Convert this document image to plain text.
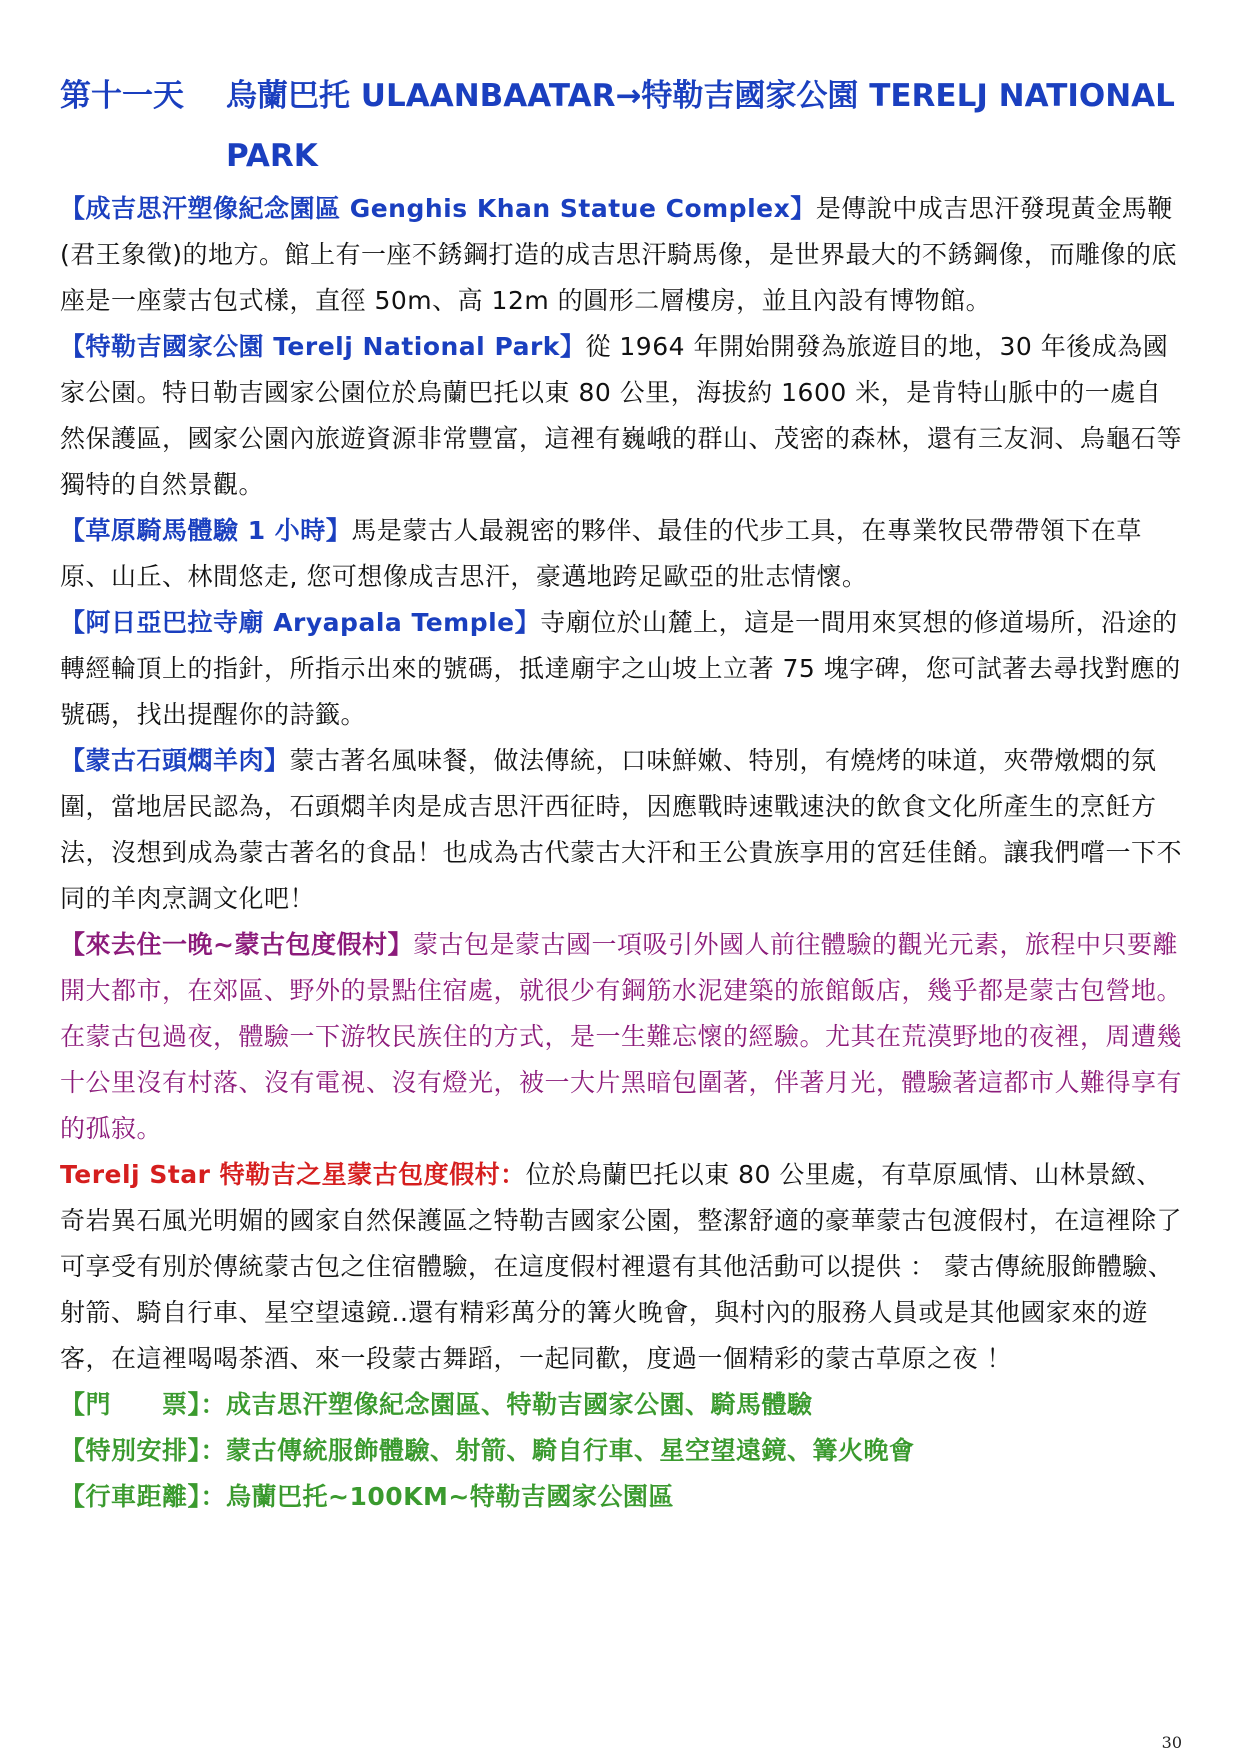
第十一天	烏蘭巴托 ULAANBAATAR→特勒吉國家公園 TERELJ NATIONAL PARK

【成吉思汗塑像紀念園區 Genghis Khan Statue Complex】是傳說中成吉思汗發現黃金馬鞭(君王象徵)的地方。館上有一座不銹鋼打造的成吉思汗騎馬像，是世界最大的不銹鋼像，而雕像的底座是一座蒙古包式樣，直徑 50m、高 12m 的圓形二層樓房，並且內設有博物館。

【特勒吉國家公園 Terelj National Park】從 1964 年開始開發為旅遊目的地，30 年後成為國家公園。特日勒吉國家公園位於烏蘭巴托以東 80 公里，海拔約 1600 米，是肯特山脈中的一處自然保護區，國家公園內旅遊資源非常豐富，這裡有巍峨的群山、茂密的森林，還有三友洞、烏龜石等獨特的自然景觀。

【草原騎馬體驗 1 小時】馬是蒙古人最親密的夥伴、最佳的代步工具，在專業牧民帶帶領下在草原、山丘、林間悠走, 您可想像成吉思汗，豪邁地跨足歐亞的壯志情懷。

【阿日亞巴拉寺廟 Aryapala Temple】寺廟位於山麓上，這是一間用來冥想的修道場所，沿途的轉經輪頂上的指針，所指示出來的號碼，抵達廟宇之山坡上立著 75 塊字碑，您可試著去尋找對應的號碼，找出提醒你的詩籤。

【蒙古石頭燜羊肉】蒙古著名風味餐，做法傳統，口味鮮嫩、特別，有燒烤的味道，夾帶燉燜的氛圍，當地居民認為，石頭燜羊肉是成吉思汗西征時，因應戰時速戰速決的飲食文化所產生的烹飪方法，沒想到成為蒙古著名的食品！也成為古代蒙古大汗和王公貴族享用的宮廷佳餚。讓我們嚐一下不同的羊肉烹調文化吧！

【來去住一晚~蒙古包度假村】蒙古包是蒙古國一項吸引外國人前往體驗的觀光元素，旅程中只要離開大都市，在郊區、野外的景點住宿處，就很少有鋼筋水泥建築的旅館飯店，幾乎都是蒙古包營地。在蒙古包過夜，體驗一下游牧民族住的方式，是一生難忘懷的經驗。尤其在荒漠野地的夜裡，周遭幾十公里沒有村落、沒有電視、沒有燈光，被一大片黑暗包圍著，伴著月光，體驗著這都市人難得享有的孤寂。

Terelj Star 特勒吉之星蒙古包度假村：位於烏蘭巴托以東 80 公里處，有草原風情、山林景緻、奇岩異石風光明媚的國家自然保護區之特勒吉國家公園，整潔舒適的豪華蒙古包渡假村，在這裡除了可享受有別於傳統蒙古包之住宿體驗，在這度假村裡還有其他活動可以提供 ： 蒙古傳統服飾體驗、射箭、騎自行車、星空望遠鏡..還有精彩萬分的篝火晚會，與村內的服務人員或是其他國家來的遊客，在這裡喝喝茶酒、來一段蒙古舞蹈，一起同歡，度過一個精彩的蒙古草原之夜 ！

【門　　票】：成吉思汗塑像紀念園區、特勒吉國家公園、騎馬體驗
【特別安排】：蒙古傳統服飾體驗、射箭、騎自行車、星空望遠鏡、篝火晚會
【行車距離】：烏蘭巴托~100KM~特勒吉國家公園區
30
